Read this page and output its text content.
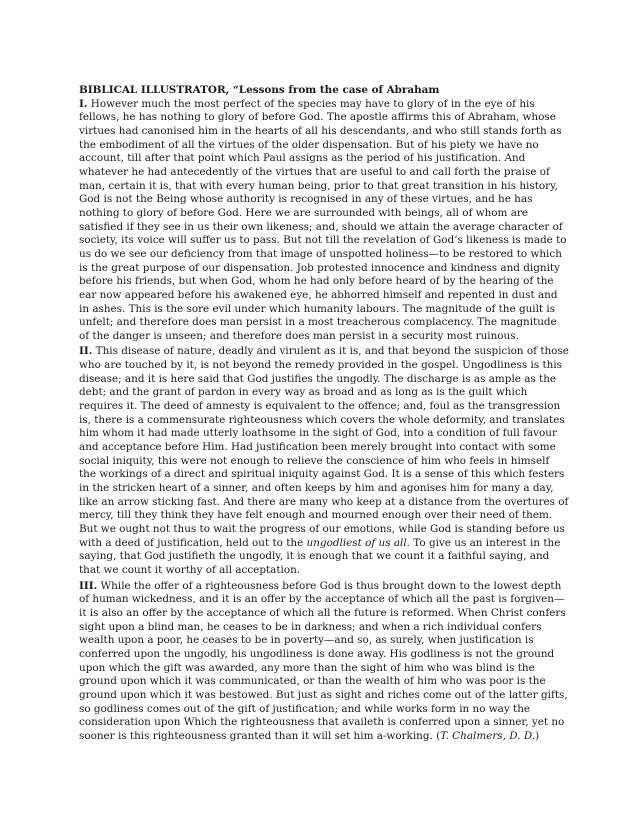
BIBLICAL ILLUSTRATOR, “Lessons from the case of Abraham

I. However much the most perfect of the species may have to glory of in the eye of his fellows, he has nothing to glory of before God. The apostle affirms this of Abraham, whose virtues had canonised him in the hearts of all his descendants, and who still stands forth as the embodiment of all the virtues of the older dispensation. But of his piety we have no account, till after that point which Paul assigns as the period of his justification. And whatever he had antecedently of the virtues that are useful to and call forth the praise of man, certain it is, that with every human being, prior to that great transition in his history, God is not the Being whose authority is recognised in any of these virtues, and he has nothing to glory of before God. Here we are surrounded with beings, all of whom are satisfied if they see in us their own likeness; and, should we attain the average character of society, its voice will suffer us to pass. But not till the revelation of God’s likeness is made to us do we see our deficiency from that image of unspotted holiness—to be restored to which is the great purpose of our dispensation. Job protested innocence and kindness and dignity before his friends, but when God, whom he had only before heard of by the hearing of the ear now appeared before his awakened eye, he abhorred himself and repented in dust and in ashes. This is the sore evil under which humanity labours. The magnitude of the guilt is unfelt; and therefore does man persist in a most treacherous complacency. The magnitude of the danger is unseen; and therefore does man persist in a security most ruinous.

II. This disease of nature, deadly and virulent as it is, and that beyond the suspicion of those who are touched by it, is not beyond the remedy provided in the gospel. Ungodliness is this disease; and it is here said that God justifies the ungodly. The discharge is as ample as the debt; and the grant of pardon in every way as broad and as long as is the guilt which requires it. The deed of amnesty is equivalent to the offence; and, foul as the transgression is, there is a commensurate righteousness which covers the whole deformity, and translates him whom it had made utterly loathsome in the sight of God, into a condition of full favour and acceptance before Him. Had justification been merely brought into contact with some social iniquity, this were not enough to relieve the conscience of him who feels in himself the workings of a direct and spiritual iniquity against God. It is a sense of this which festers in the stricken heart of a sinner, and often keeps by him and agonises him for many a day, like an arrow sticking fast. And there are many who keep at a distance from the overtures of mercy, till they think they have felt enough and mourned enough over their need of them. But we ought not thus to wait the progress of our emotions, while God is standing before us with a deed of justification, held out to the ungodliest of us all. To give us an interest in the saying, that God justifieth the ungodly, it is enough that we count it a faithful saying, and that we count it worthy of all acceptation.

III. While the offer of a righteousness before God is thus brought down to the lowest depth of human wickedness, and it is an offer by the acceptance of which all the past is forgiven—it is also an offer by the acceptance of which all the future is reformed. When Christ confers sight upon a blind man, he ceases to be in darkness; and when a rich individual confers wealth upon a poor, he ceases to be in poverty—and so, as surely, when justification is conferred upon the ungodly, his ungodliness is done away. His godliness is not the ground upon which the gift was awarded, any more than the sight of him who was blind is the ground upon which it was communicated, or than the wealth of him who was poor is the ground upon which it was bestowed. But just as sight and riches come out of the latter gifts, so godliness comes out of the gift of justification; and while works form in no way the consideration upon Which the righteousness that availeth is conferred upon a sinner, yet no sooner is this righteousness granted than it will set him a-working. (T. Chalmers, D. D.)
